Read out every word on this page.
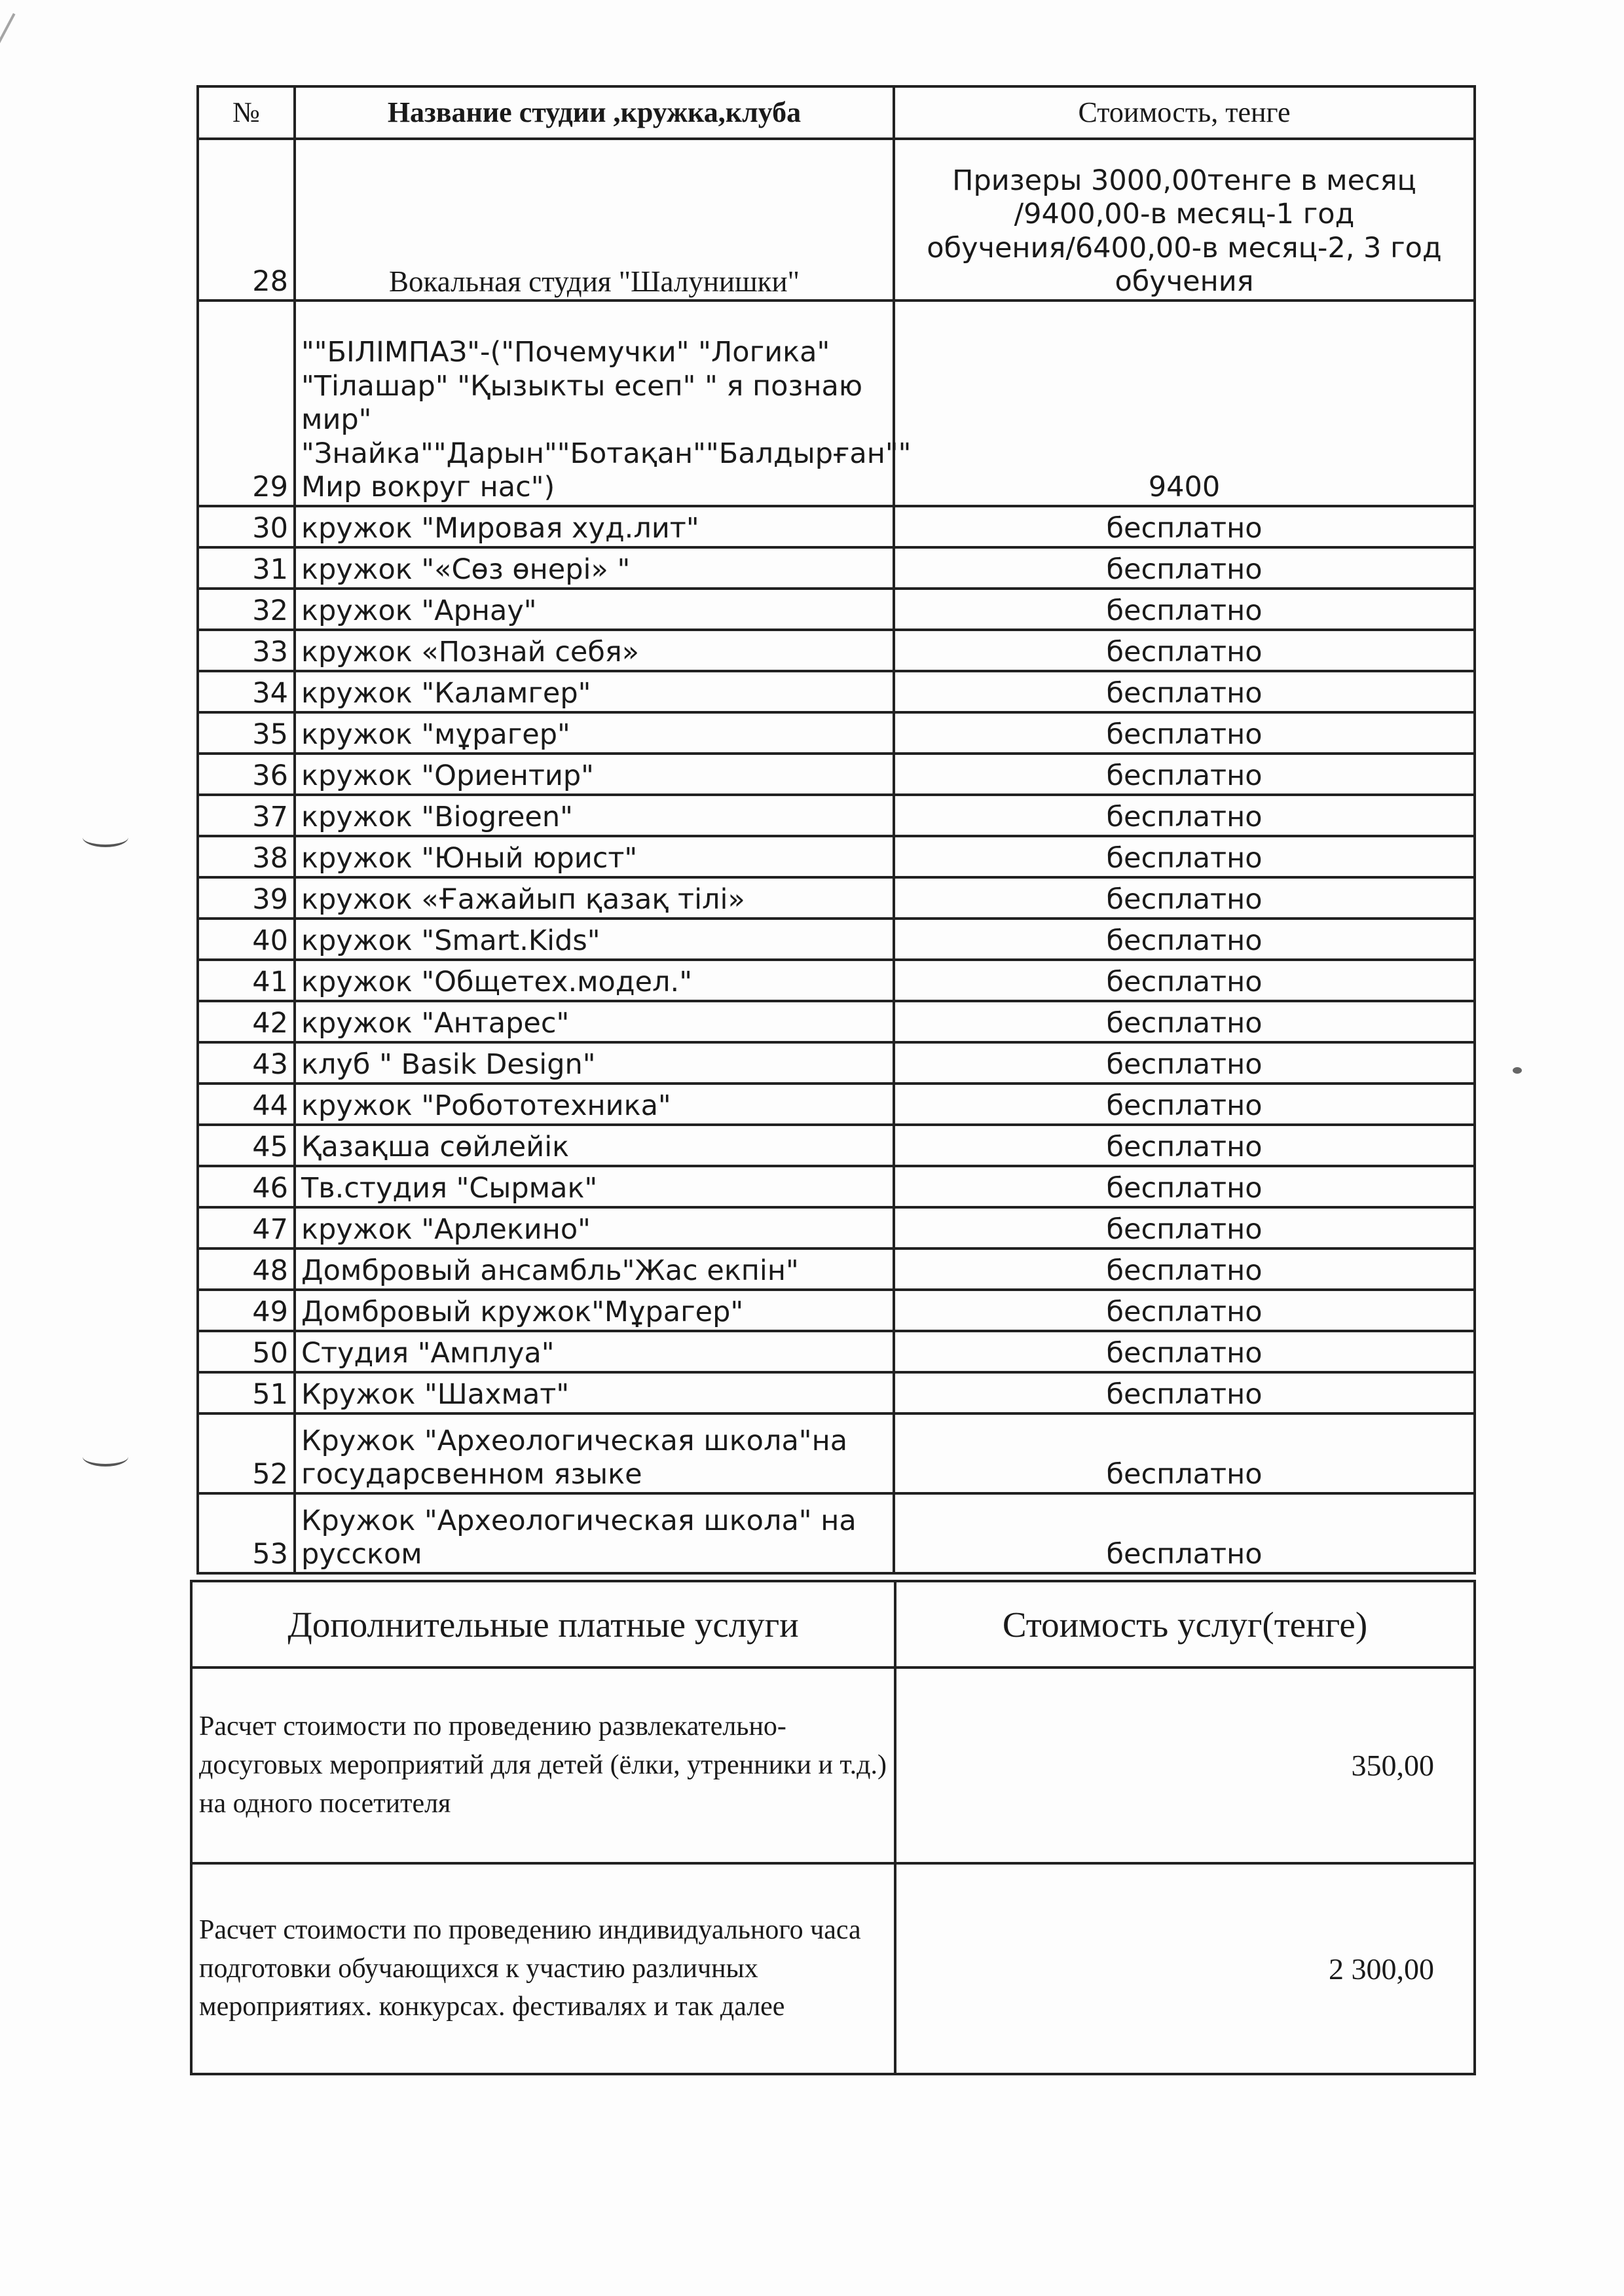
№	Название студии ,кружка,клуба	Стоимость, тенге
28	Вокальная студия "Шалунишки"	Призеры 3000,00тенге в месяц /9400,00-в месяц-1 год обучения/6400,00-в месяц-2, 3 год обучения
29	""БІЛІМПАЗ"-("Почемучки" "Логика" "Тілашар" "Қызыкты есеп" " я познаю мир" "Знайка""Дарын""Ботақан""Балдырған"" Мир вокруг нас")	9400
30	кружок "Мировая худ.лит"	бесплатно
31	кружок "«Сөз өнері» "	бесплатно
32	кружок "Арнау"	бесплатно
33	кружок «Познай себя»	бесплатно
34	кружок "Каламгер"	бесплатно
35	кружок "мұрагер"	бесплатно
36	кружок "Ориентир"	бесплатно
37	кружок "Biogreen"	бесплатно
38	кружок "Юный юрист"	бесплатно
39	кружок «Ғажайып қазақ тілі»	бесплатно
40	кружок "Smart.Kids"	бесплатно
41	кружок "Общетех.модел."	бесплатно
42	кружок "Антарес"	бесплатно
43	клуб " Basik Design"	бесплатно
44	кружок "Робототехника"	бесплатно
45	Қазақша сөйлейік	бесплатно
46	Тв.студия "Сырмак"	бесплатно
47	кружок "Арлекино"	бесплатно
48	Домбровый ансамбль"Жас екпін"	бесплатно
49	Домбровый кружок"Мұрагер"	бесплатно
50	Студия "Амплуа"	бесплатно
51	Кружок "Шахмат"	бесплатно
52	Кружок "Археологическая школа"на государсвенном языке	бесплатно
53	Кружок "Археологическая школа" на русском	бесплатно
Дополнительные платные услуги	Стоимость услуг(тенге)
Расчет стоимости по проведению развлекательно-досуговых мероприятий для детей (ёлки, утренники и т.д.) на одного посетителя	350,00
Расчет стоимости по проведению индивидуального часа подготовки обучающихся к участию различных мероприятиях. конкурсах. фестивалях и так далее	2 300,00
